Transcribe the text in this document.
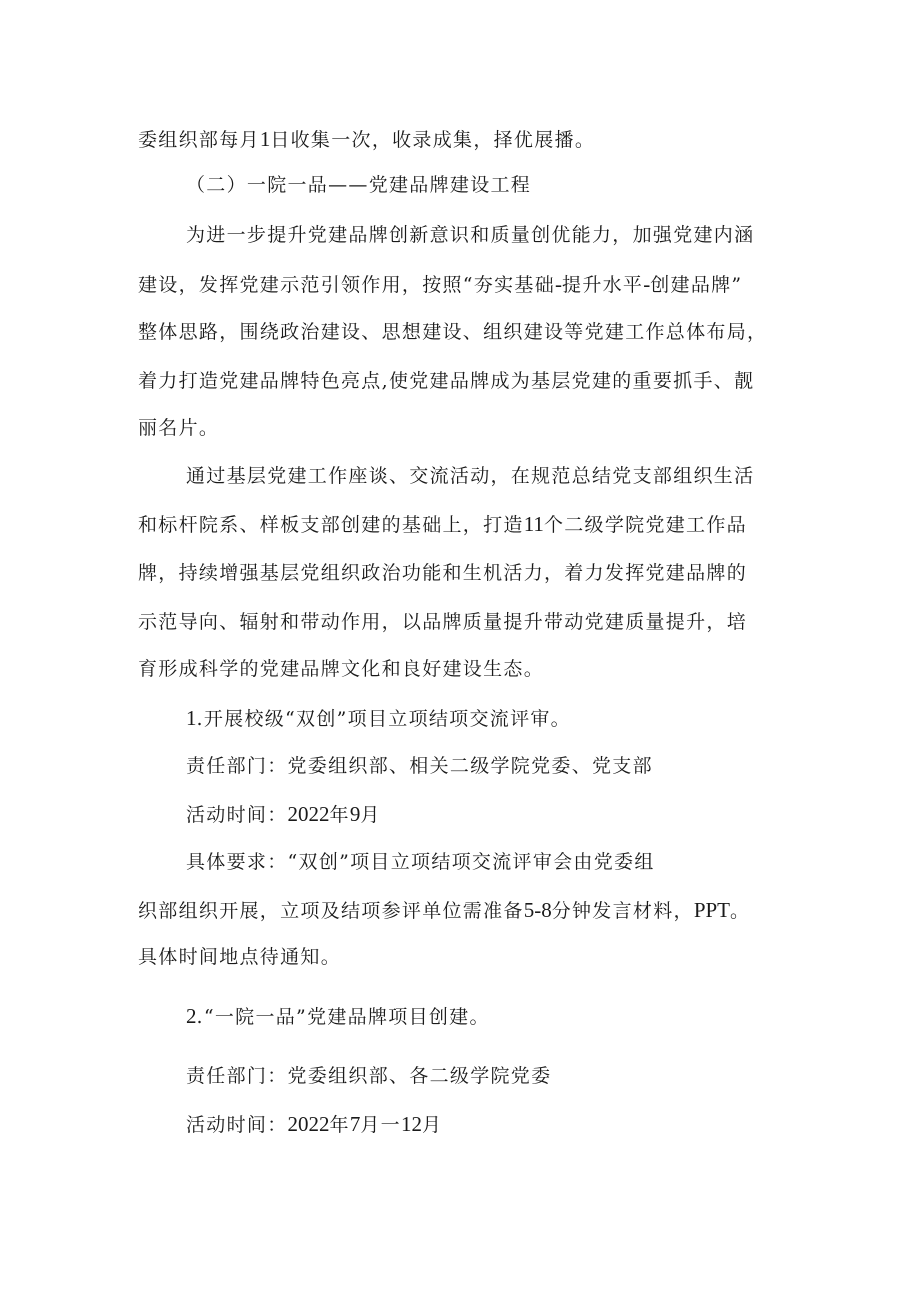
委组织部每月1日收集一次，收录成集，择优展播。

（二）一院一品——党建品牌建设工程

为进一步提升党建品牌创新意识和质量创优能力，加强党建内涵

建设，发挥党建示范引领作用，按照“夯实基础-提升水平-创建品牌”

整体思路，围绕政治建设、思想建设、组织建设等党建工作总体布局，

着力打造党建品牌特色亮点,使党建品牌成为基层党建的重要抓手、靓

丽名片。

通过基层党建工作座谈、交流活动，在规范总结党支部组织生活

和标杆院系、样板支部创建的基础上，打造11个二级学院党建工作品

牌，持续增强基层党组织政治功能和生机活力，着力发挥党建品牌的

示范导向、辐射和带动作用，以品牌质量提升带动党建质量提升，培

育形成科学的党建品牌文化和良好建设生态。

1.开展校级“双创”项目立项结项交流评审。

责任部门：党委组织部、相关二级学院党委、党支部

活动时间：2022年9月

具体要求：“双创”项目立项结项交流评审会由党委组

织部组织开展，立项及结项参评单位需准备5-8分钟发言材料，PPT。

具体时间地点待通知。

2.“一院一品”党建品牌项目创建。

责任部门：党委组织部、各二级学院党委

活动时间：2022年7月一12月
